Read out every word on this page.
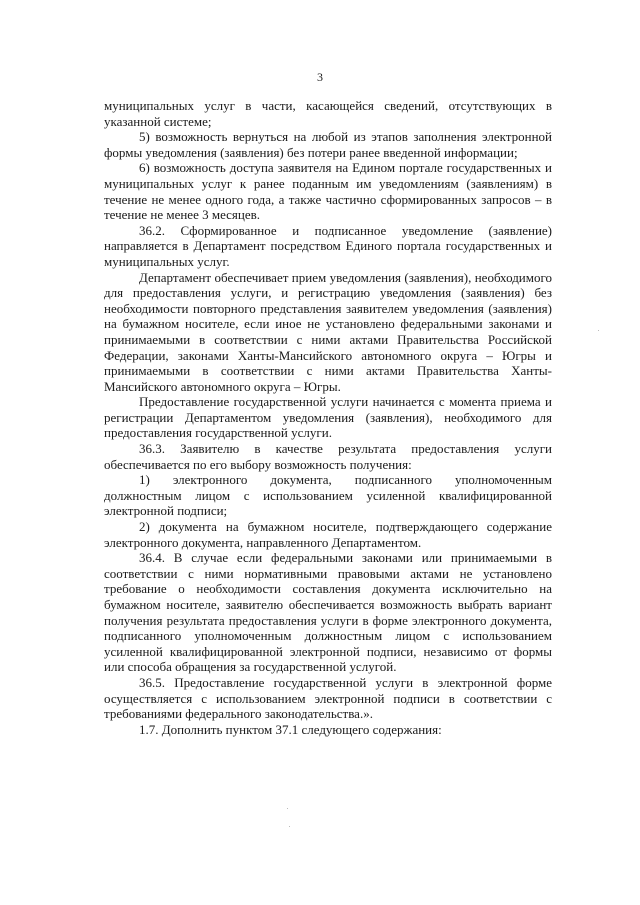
3

муниципальных услуг в части, касающейся сведений, отсутствующих в указанной системе;

5) возможность вернуться на любой из этапов заполнения электронной формы уведомления (заявления) без потери ранее введенной информации;

6) возможность доступа заявителя на Едином портале государственных и муниципальных услуг к ранее поданным им уведомлениям (заявлениям) в течение не менее одного года, а также частично сформированных запросов – в течение не менее 3 месяцев.

36.2. Сформированное и подписанное уведомление (заявление) направляется в Департамент посредством Единого портала государственных и муниципальных услуг.

Департамент обеспечивает прием уведомления (заявления), необходимого для предоставления услуги, и регистрацию уведомления (заявления) без необходимости повторного представления заявителем уведомления (заявления) на бумажном носителе, если иное не установлено федеральными законами и принимаемыми в соответствии с ними актами Правительства Российской Федерации, законами Ханты-Мансийского автономного округа – Югры и принимаемыми в соответствии с ними актами Правительства Ханты-Мансийского автономного округа – Югры.

Предоставление государственной услуги начинается с момента приема и регистрации Департаментом уведомления (заявления), необходимого для предоставления государственной услуги.

36.3. Заявителю в качестве результата предоставления услуги обеспечивается по его выбору возможность получения:

1) электронного документа, подписанного уполномоченным должностным лицом с использованием усиленной квалифицированной электронной подписи;

2) документа на бумажном носителе, подтверждающего содержание электронного документа, направленного Департаментом.

36.4. В случае если федеральными законами или принимаемыми в соответствии с ними нормативными правовыми актами не установлено требование о необходимости составления документа исключительно на бумажном носителе, заявителю обеспечивается возможность выбрать вариант получения результата предоставления услуги в форме электронного документа, подписанного уполномоченным должностным лицом с использованием усиленной квалифицированной электронной подписи, независимо от формы или способа обращения за государственной услугой.

36.5. Предоставление государственной услуги в электронной форме осуществляется с использованием электронной подписи в соответствии с требованиями федерального законодательства.».

1.7. Дополнить пунктом 37.1 следующего содержания:
